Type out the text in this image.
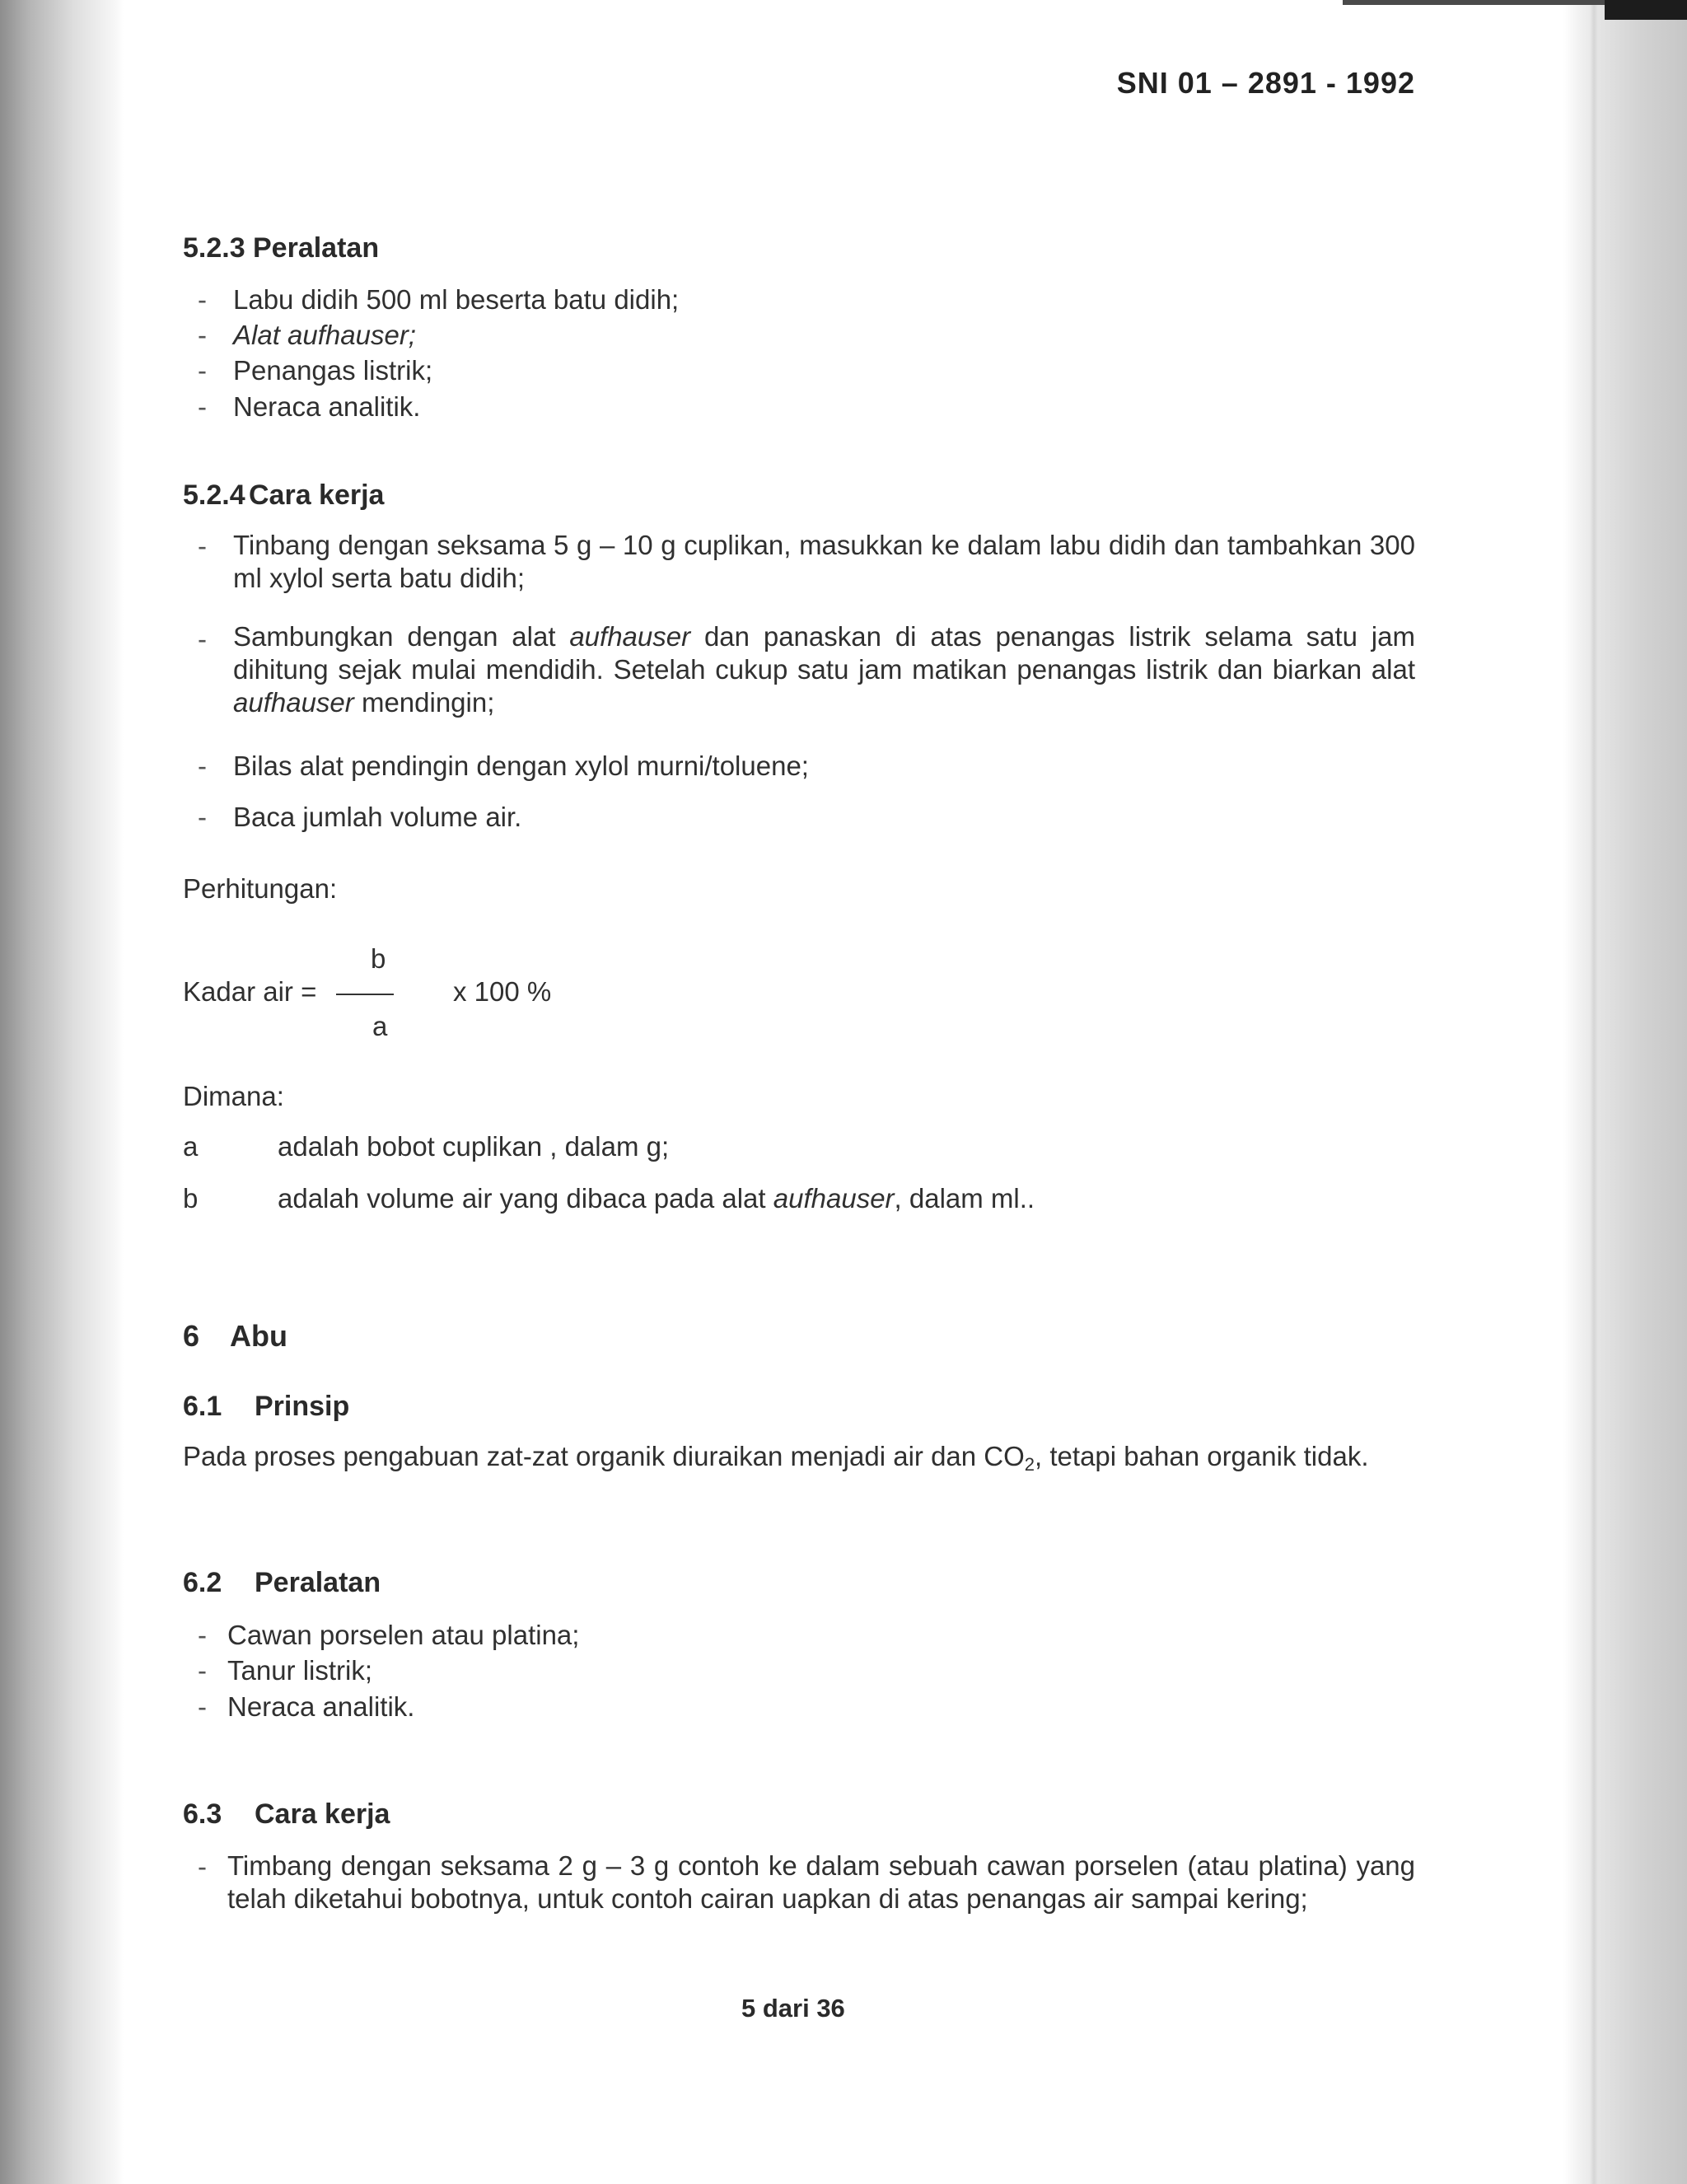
SNI 01 – 2891 - 1992
5.2.3 Peralatan
- Labu didih 500 ml beserta batu didih;
- Alat aufhauser;
- Penangas listrik;
- Neraca analitik.
5.2.4 Cara kerja
- Tinbang dengan seksama 5 g – 10 g cuplikan, masukkan ke dalam labu didih dan tambahkan 300 ml xylol serta batu didih;
- Sambungkan dengan alat aufhauser dan panaskan di atas penangas listrik selama satu jam dihitung sejak mulai mendidih. Setelah cukup satu jam matikan penangas listrik dan biarkan alat aufhauser mendingin;
- Bilas alat pendingin dengan xylol murni/toluene;
- Baca jumlah volume air.
Perhitungan:
b
Kadar air =	x 100 %
a
Dimana:
a	adalah bobot cuplikan , dalam g;
b	adalah volume air yang dibaca pada alat aufhauser, dalam ml..
6 Abu
6.1 Prinsip
Pada proses pengabuan zat-zat organik diuraikan menjadi air dan $CO_2$, tetapi bahan organik tidak.
6.2 Peralatan
- Cawan porselen atau platina;
- Tanur listrik;
- Neraca analitik.
6.3 Cara kerja
- Timbang dengan seksama 2 g – 3 g contoh ke dalam sebuah cawan porselen (atau platina) yang telah diketahui bobotnya, untuk contoh cairan uapkan di atas penangas air sampai kering;
5 dari 36
